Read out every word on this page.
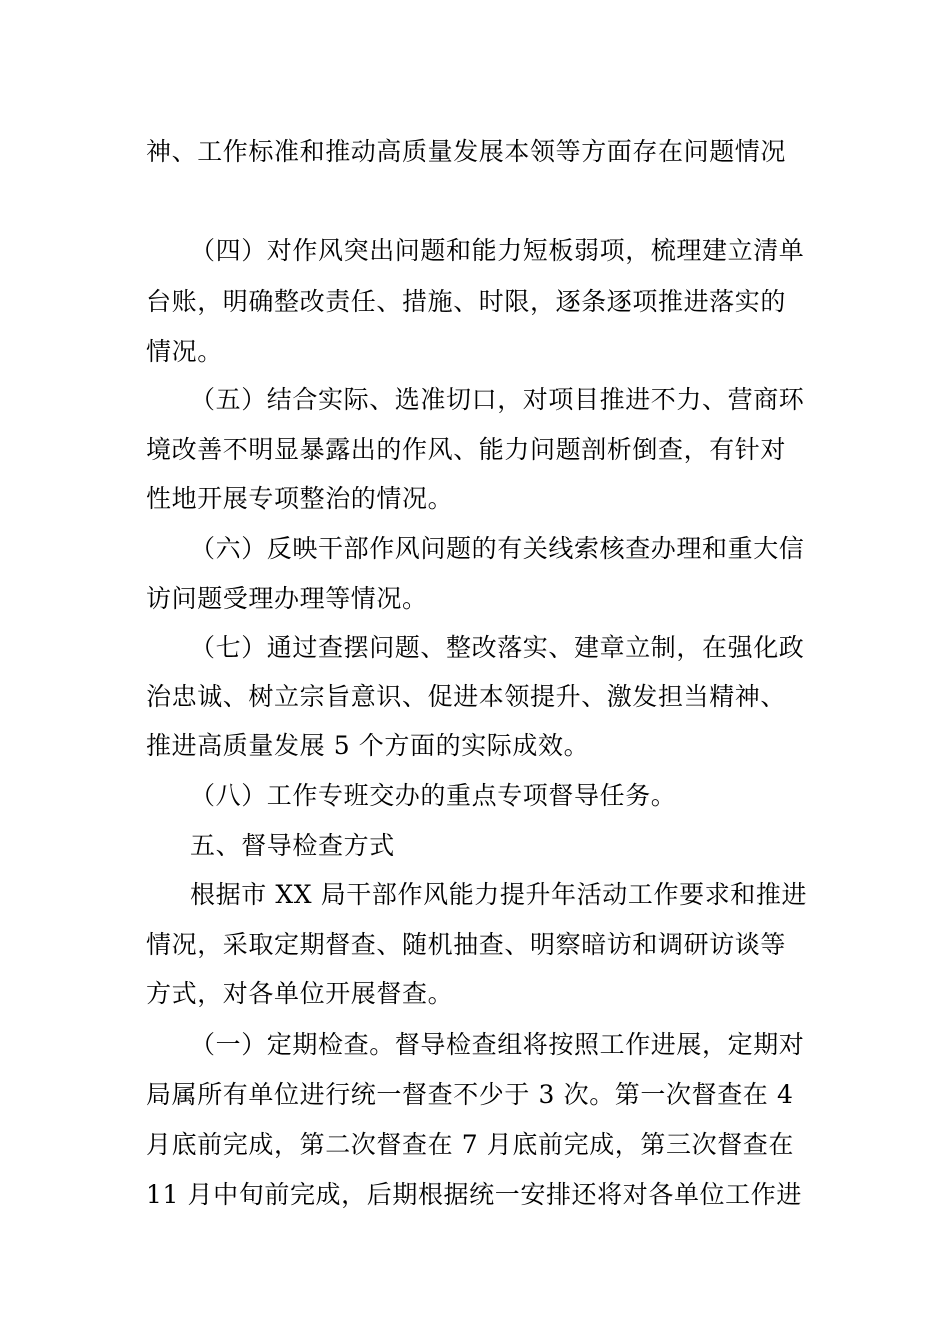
神、工作标准和推动高质量发展本领等方面存在问题情况
（四）对作风突出问题和能力短板弱项，梳理建立清单
台账，明确整改责任、措施、时限，逐条逐项推进落实的
情况。
（五）结合实际、选准切口，对项目推进不力、营商环
境改善不明显暴露出的作风、能力问题剖析倒查，有针对
性地开展专项整治的情况。
（六）反映干部作风问题的有关线索核查办理和重大信
访问题受理办理等情况。
（七）通过查摆问题、整改落实、建章立制，在强化政
治忠诚、树立宗旨意识、促进本领提升、激发担当精神、
推进高质量发展 5 个方面的实际成效。
（八）工作专班交办的重点专项督导任务。
五、督导检查方式
根据市 XX 局干部作风能力提升年活动工作要求和推进
情况，采取定期督查、随机抽查、明察暗访和调研访谈等
方式，对各单位开展督查。
（一）定期检查。督导检查组将按照工作进展，定期对
局属所有单位进行统一督查不少于 3 次。第一次督查在 4
月底前完成，第二次督查在 7 月底前完成，第三次督查在
11 月中旬前完成，后期根据统一安排还将对各单位工作进
